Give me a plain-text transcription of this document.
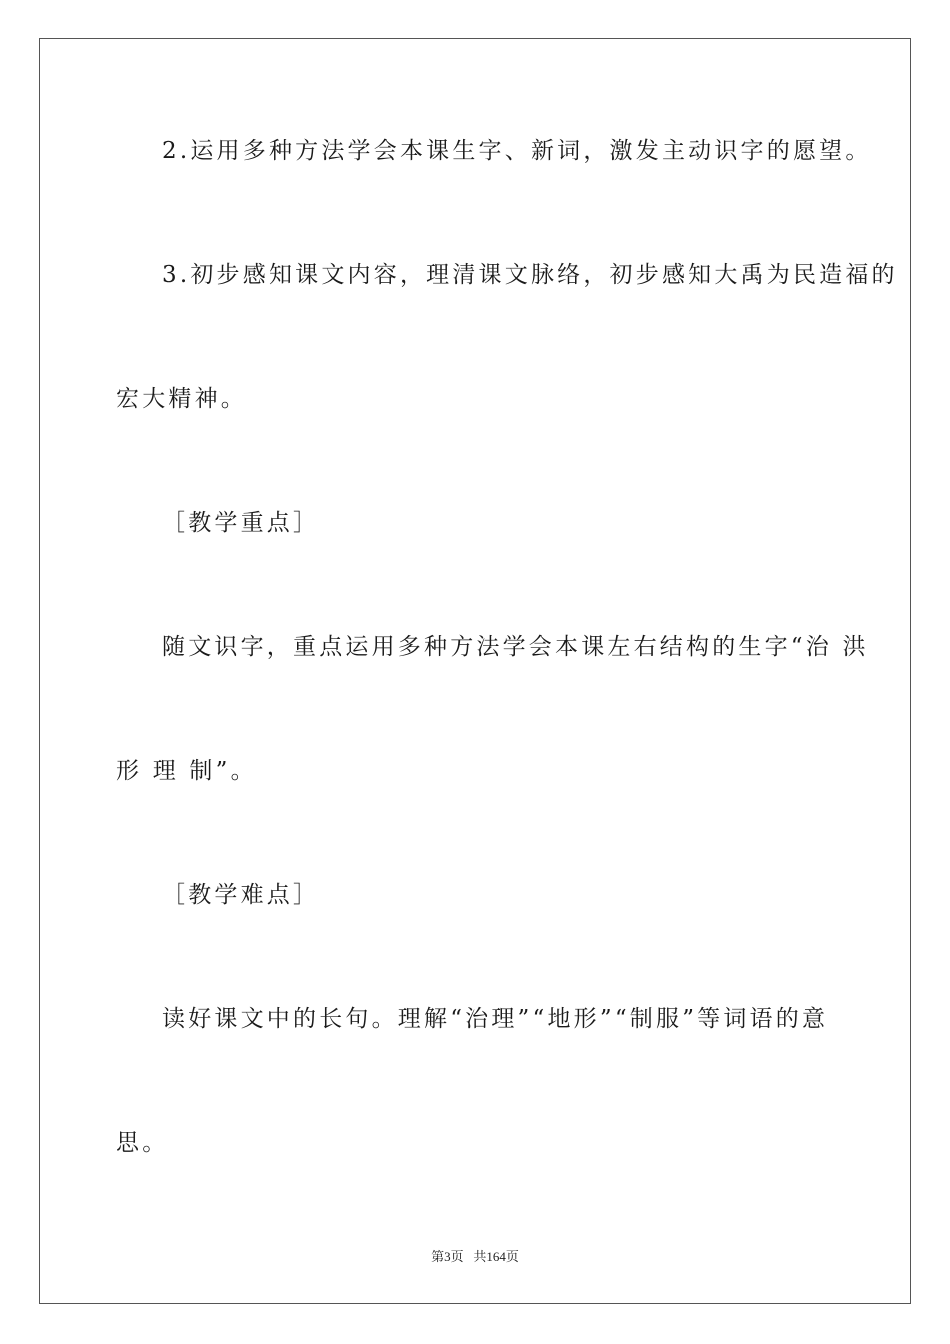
2.运用多种方法学会本课生字、新词，激发主动识字的愿望。
3.初步感知课文内容，理清课文脉络，初步感知大禹为民造福的
宏大精神。
［教学重点］
随文识字，重点运用多种方法学会本课左右结构的生字“治 洪
形 理 制”。
［教学难点］
读好课文中的长句。理解“治理”“地形”“制服”等词语的意
思。
第3页 共164页
